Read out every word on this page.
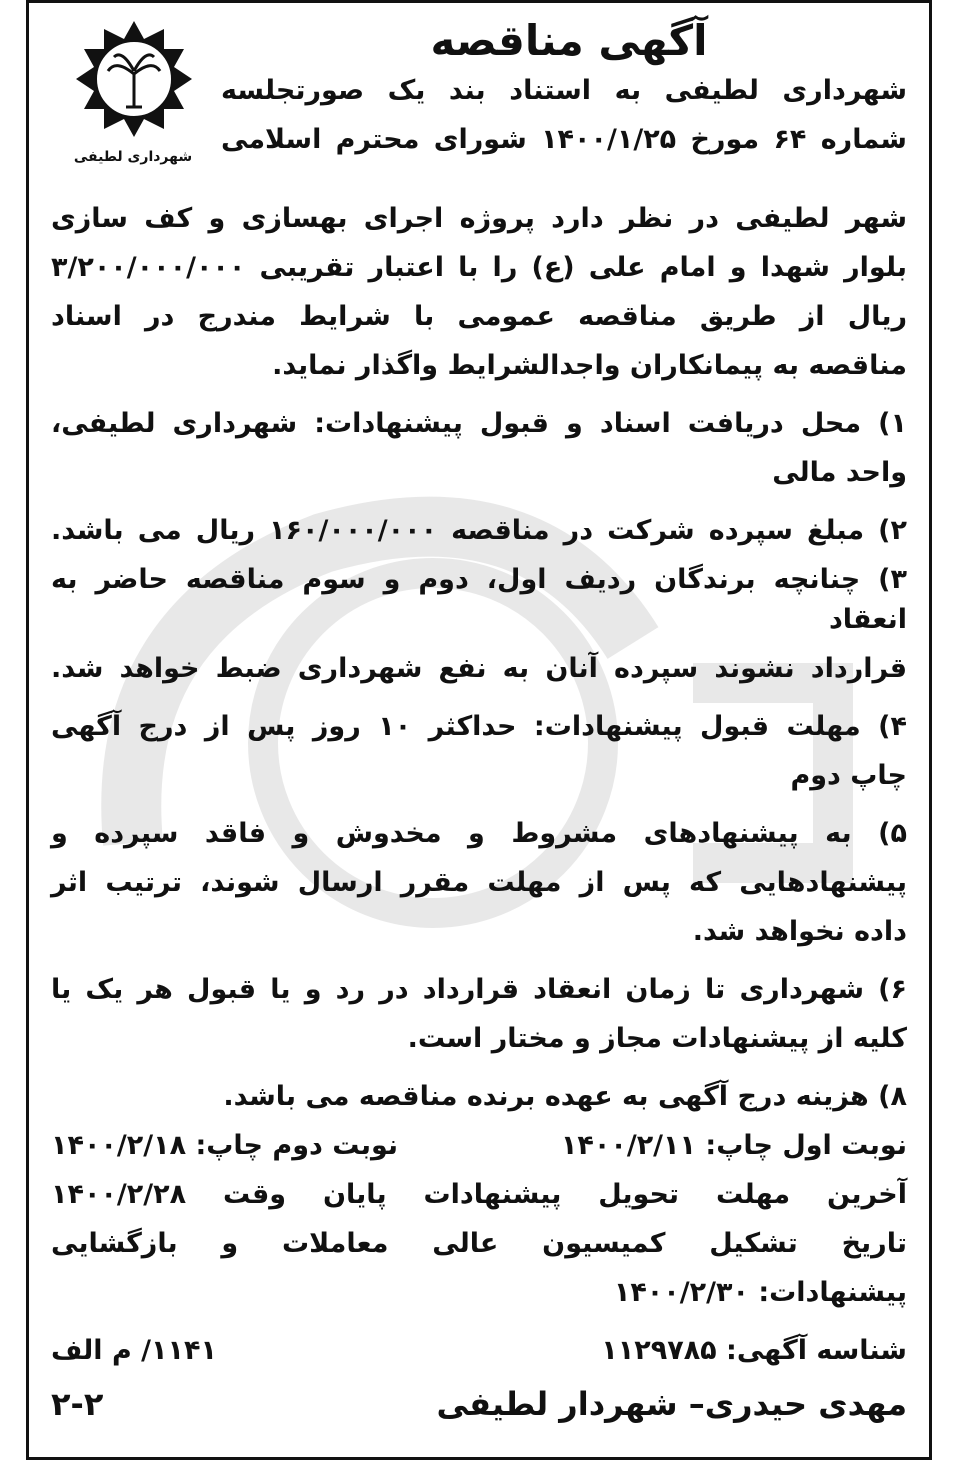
شهرداری لطیفی
آگهی مناقصه
شهرداری لطیفی به استناد بند یک صورتجلسه
شماره ۶۴ مورخ ۱۴۰۰/۱/۲۵ شورای محترم اسلامی
شهر لطیفی در نظر دارد پروژه اجرای بهسازی و کف سازی
بلوار شهدا و امام علی (ع) را با اعتبار تقریبی ۳/۲۰۰/۰۰۰/۰۰۰
ریال از طریق مناقصه عمومی با شرایط مندرج در اسناد
مناقصه به پیمانکاران واجدالشرایط واگذار نماید.
۱) محل دریافت اسناد و قبول پیشنهادات: شهرداری لطیفی،
واحد مالی
۲) مبلغ سپرده شرکت در مناقصه ۱۶۰/۰۰۰/۰۰۰ ریال می باشد.
۳) چنانچه برندگان ردیف اول، دوم و سوم مناقصه حاضر به انعقاد
قرارداد نشوند سپرده آنان به نفع شهرداری ضبط خواهد شد.
۴) مهلت قبول پیشنهادات: حداکثر ۱۰ روز پس از درج آگهی
چاپ دوم
۵) به پیشنهادهای مشروط و مخدوش و فاقد سپرده و
پیشنهادهایی که پس از مهلت مقرر ارسال شوند، ترتیب اثر
داده نخواهد شد.
۶) شهرداری تا زمان انعقاد قرارداد در رد و یا قبول هر یک یا
کلیه از پیشنهادات مجاز و مختار است.
۸) هزینه درج آگهی به عهده برنده مناقصه می باشد.
نوبت اول چاپ: ۱۴۰۰/۲/۱۱
نوبت دوم چاپ: ۱۴۰۰/۲/۱۸
آخرین مهلت تحویل پیشنهادات پایان وقت ۱۴۰۰/۲/۲۸
تاریخ تشکیل کمیسیون عالی معاملات و بازگشایی
پیشنهادات: ۱۴۰۰/۲/۳۰
شناسه آگهی: ۱۱۲۹۷۸۵
۱۱۴۱/ م الف
مهدی حیدری– شهردار لطیفی
۲-۲
